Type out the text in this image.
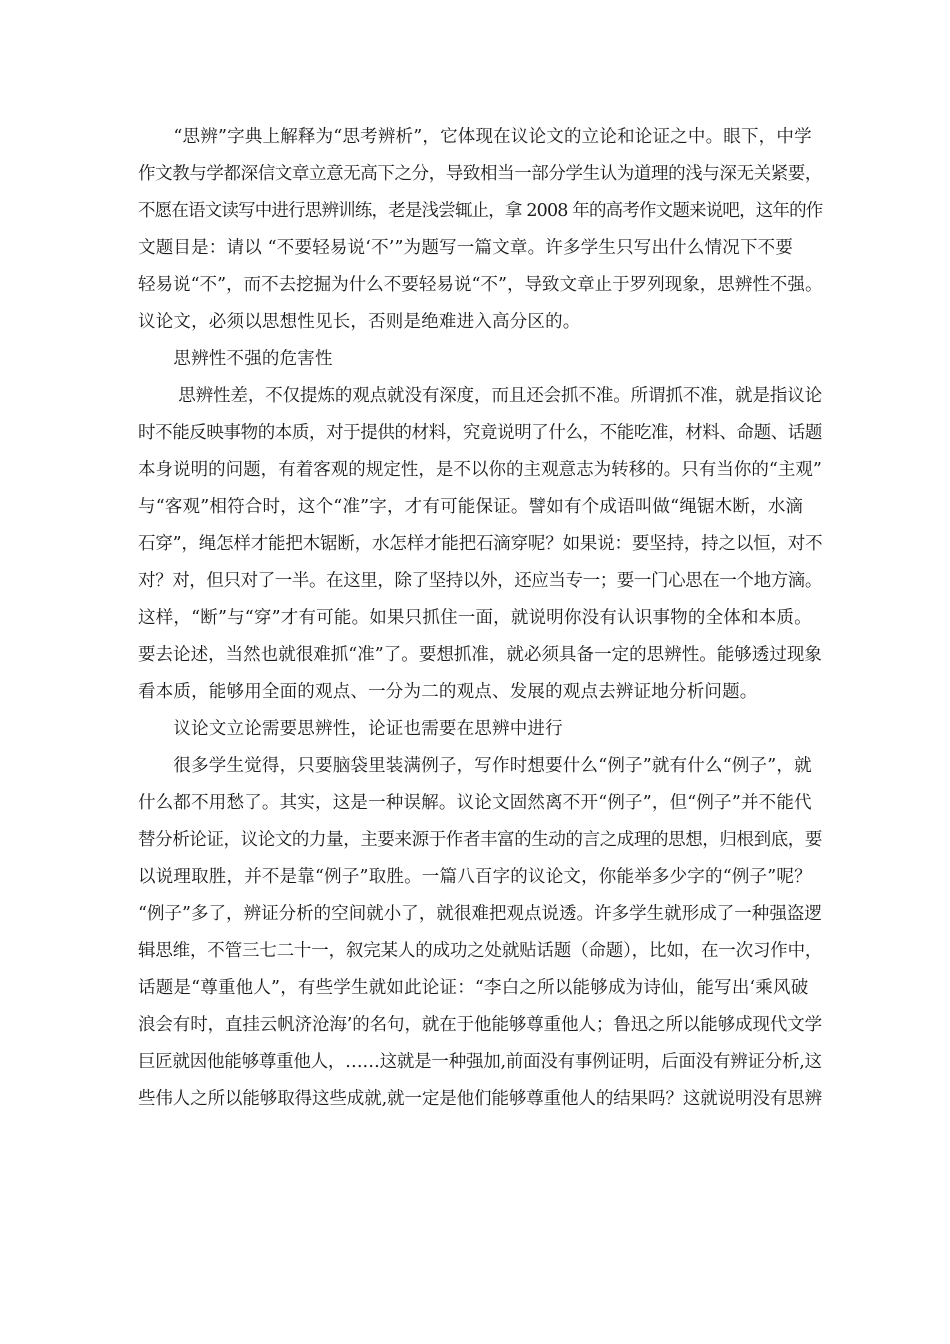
　　“思辨”字典上解释为“思考辨析”，它体现在议论文的立论和论证之中。眼下，中学
作文教与学都深信文章立意无高下之分，导致相当一部分学生认为道理的浅与深无关紧要，
不愿在语文读写中进行思辨训练，老是浅尝辄止，拿 2008 年的高考作文题来说吧，这年的作
文题目是：请以 “不要轻易说‘不’”为题写一篇文章。许多学生只写出什么情况下不要
轻易说“不”，而不去挖掘为什么不要轻易说“不”，导致文章止于罗列现象，思辨性不强。
议论文，必须以思想性见长，否则是绝难进入高分区的。
　　思辨性不强的危害性
　　 思辨性差，不仅提炼的观点就没有深度，而且还会抓不准。所谓抓不准，就是指议论
时不能反映事物的本质，对于提供的材料，究竟说明了什么，不能吃准，材料、命题、话题
本身说明的问题，有着客观的规定性，是不以你的主观意志为转移的。只有当你的“主观”
与“客观”相符合时，这个“准”字，才有可能保证。譬如有个成语叫做“绳锯木断，水滴
石穿”，绳怎样才能把木锯断，水怎样才能把石滴穿呢？如果说：要坚持，持之以恒，对不
对？对，但只对了一半。在这里，除了坚持以外，还应当专一；要一门心思在一个地方滴。
这样，“断”与“穿”才有可能。如果只抓住一面，就说明你没有认识事物的全体和本质。
要去论述，当然也就很难抓“准”了。要想抓准，就必须具备一定的思辨性。能够透过现象
看本质，能够用全面的观点、一分为二的观点、发展的观点去辨证地分析问题。
　　议论文立论需要思辨性，论证也需要在思辨中进行
　　很多学生觉得，只要脑袋里装满例子，写作时想要什么“例子”就有什么“例子”，就
什么都不用愁了。其实，这是一种误解。议论文固然离不开“例子”，但“例子”并不能代
替分析论证，议论文的力量，主要来源于作者丰富的生动的言之成理的思想，归根到底，要
以说理取胜，并不是靠“例子”取胜。一篇八百字的议论文，你能举多少字的“例子”呢？
“例子”多了，辨证分析的空间就小了，就很难把观点说透。许多学生就形成了一种强盗逻
辑思维，不管三七二十一，叙完某人的成功之处就贴话题（命题），比如，在一次习作中，
话题是“尊重他人”，有些学生就如此论证：“李白之所以能够成为诗仙，能写出‘乘风破
浪会有时，直挂云帆济沧海’的名句，就在于他能够尊重他人；鲁迅之所以能够成现代文学
巨匠就因他能够尊重他人，……这就是一种强加,前面没有事例证明，后面没有辨证分析,这
些伟人之所以能够取得这些成就,就一定是他们能够尊重他人的结果吗？这就说明没有思辨
